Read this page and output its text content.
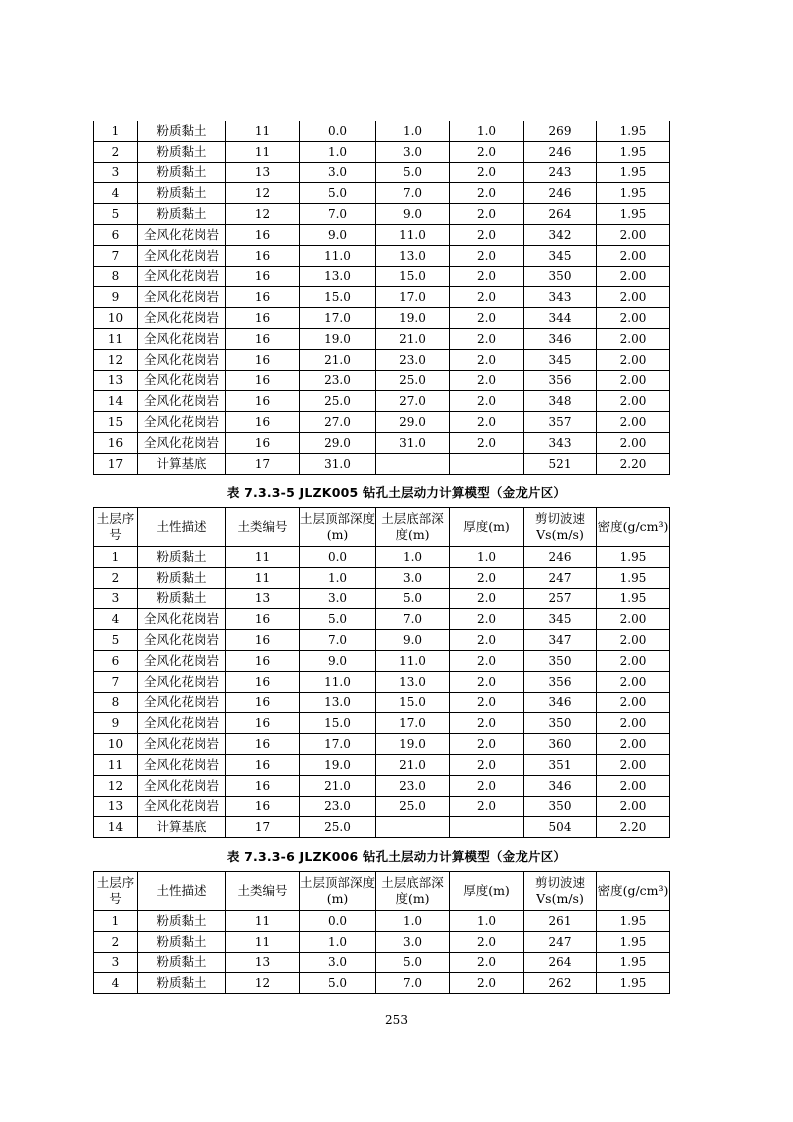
1	粉质黏土	11	0.0	1.0	1.0	269	1.95
2	粉质黏土	11	1.0	3.0	2.0	246	1.95
3	粉质黏土	13	3.0	5.0	2.0	243	1.95
4	粉质黏土	12	5.0	7.0	2.0	246	1.95
5	粉质黏土	12	7.0	9.0	2.0	264	1.95
6	全风化花岗岩	16	9.0	11.0	2.0	342	2.00
7	全风化花岗岩	16	11.0	13.0	2.0	345	2.00
8	全风化花岗岩	16	13.0	15.0	2.0	350	2.00
9	全风化花岗岩	16	15.0	17.0	2.0	343	2.00
10	全风化花岗岩	16	17.0	19.0	2.0	344	2.00
11	全风化花岗岩	16	19.0	21.0	2.0	346	2.00
12	全风化花岗岩	16	21.0	23.0	2.0	345	2.00
13	全风化花岗岩	16	23.0	25.0	2.0	356	2.00
14	全风化花岗岩	16	25.0	27.0	2.0	348	2.00
15	全风化花岗岩	16	27.0	29.0	2.0	357	2.00
16	全风化花岗岩	16	29.0	31.0	2.0	343	2.00
17	计算基底	17	31.0			521	2.20
表 7.3.3-5 JLZK005 钻孔土层动力计算模型（金龙片区）
土层序号	土性描述	土类编号	土层顶部深度(m)	土层底部深度(m)	厚度(m)	剪切波速Vs(m/s)	密度(g/cm³)
1	粉质黏土	11	0.0	1.0	1.0	246	1.95
2	粉质黏土	11	1.0	3.0	2.0	247	1.95
3	粉质黏土	13	3.0	5.0	2.0	257	1.95
4	全风化花岗岩	16	5.0	7.0	2.0	345	2.00
5	全风化花岗岩	16	7.0	9.0	2.0	347	2.00
6	全风化花岗岩	16	9.0	11.0	2.0	350	2.00
7	全风化花岗岩	16	11.0	13.0	2.0	356	2.00
8	全风化花岗岩	16	13.0	15.0	2.0	346	2.00
9	全风化花岗岩	16	15.0	17.0	2.0	350	2.00
10	全风化花岗岩	16	17.0	19.0	2.0	360	2.00
11	全风化花岗岩	16	19.0	21.0	2.0	351	2.00
12	全风化花岗岩	16	21.0	23.0	2.0	346	2.00
13	全风化花岗岩	16	23.0	25.0	2.0	350	2.00
14	计算基底	17	25.0			504	2.20
表 7.3.3-6 JLZK006 钻孔土层动力计算模型（金龙片区）
土层序号	土性描述	土类编号	土层顶部深度(m)	土层底部深度(m)	厚度(m)	剪切波速Vs(m/s)	密度(g/cm³)
1	粉质黏土	11	0.0	1.0	1.0	261	1.95
2	粉质黏土	11	1.0	3.0	2.0	247	1.95
3	粉质黏土	13	3.0	5.0	2.0	264	1.95
4	粉质黏土	12	5.0	7.0	2.0	262	1.95
253
